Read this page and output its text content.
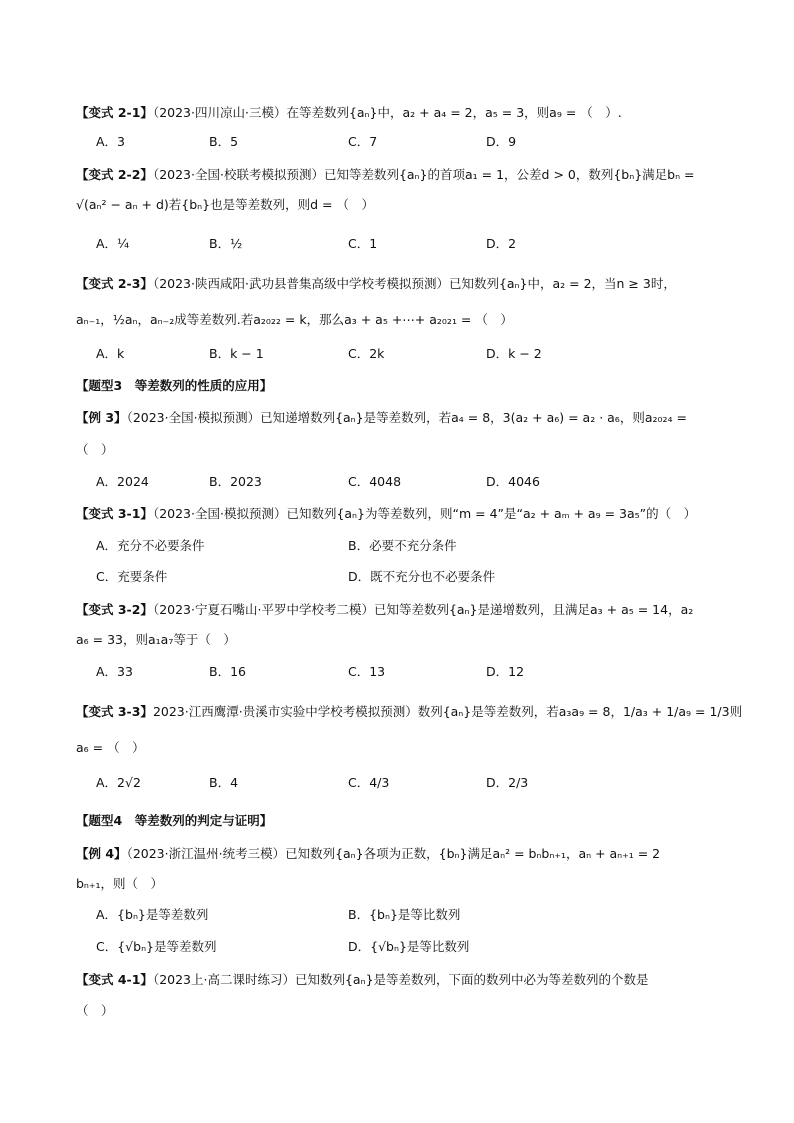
【变式 2-1】（2023·四川凉山·三模）在等差数列{aₙ}中，a₂ + a₄ = 2，a₅ = 3，则a₉ = （　）.
A．3	B．5	C．7	D．9
【变式 2-2】（2023·全国·校联考模拟预测）已知等差数列{aₙ}的首项a₁ = 1，公差d > 0，数列{bₙ}满足bₙ =
√(aₙ² − aₙ + d)若{bₙ}也是等差数列，则d = （　）
A．¼	B．½	C．1	D．2
【变式 2-3】（2023·陕西咸阳·武功县普集高级中学校考模拟预测）已知数列{aₙ}中，a₂ = 2，当n ≥ 3时，
aₙ₋₁，½aₙ，aₙ₋₂成等差数列.若a₂₀₂₂ = k，那么a₃ + a₅ +⋯+ a₂₀₂₁ = （　）
A．k	B．k − 1	C．2k	D．k − 2
【题型3　等差数列的性质的应用】
【例 3】（2023·全国·模拟预测）已知递增数列{aₙ}是等差数列，若a₄ = 8，3(a₂ + a₆) = a₂ · a₆，则a₂₀₂₄ =
（　）
A．2024	B．2023	C．4048	D．4046
【变式 3-1】（2023·全国·模拟预测）已知数列{aₙ}为等差数列，则“m = 4”是“a₂ + aₘ + a₉ = 3a₅”的（　）
A．充分不必要条件	B．必要不充分条件
C．充要条件	D．既不充分也不必要条件
【变式 3-2】（2023·宁夏石嘴山·平罗中学校考二模）已知等差数列{aₙ}是递增数列，且满足a₃ + a₅ = 14，a₂
a₆ = 33，则a₁a₇等于（　）
A．33	B．16	C．13	D．12
【变式 3-3】2023·江西鹰潭·贵溪市实验中学校考模拟预测）数列{aₙ}是等差数列，若a₃a₉ = 8，1/a₃ + 1/a₉ = 1/3则
a₆ = （　）
A．2√2	B．4	C．4/3	D．2/3
【题型4　等差数列的判定与证明】
【例 4】（2023·浙江温州·统考三模）已知数列{aₙ}各项为正数，{bₙ}满足aₙ² = bₙbₙ₊₁，aₙ + aₙ₊₁ = 2
bₙ₊₁，则（　）
A．{bₙ}是等差数列	B．{bₙ}是等比数列
C．{√bₙ}是等差数列	D．{√bₙ}是等比数列
【变式 4-1】（2023上·高二课时练习）已知数列{aₙ}是等差数列，下面的数列中必为等差数列的个数是
（　）
